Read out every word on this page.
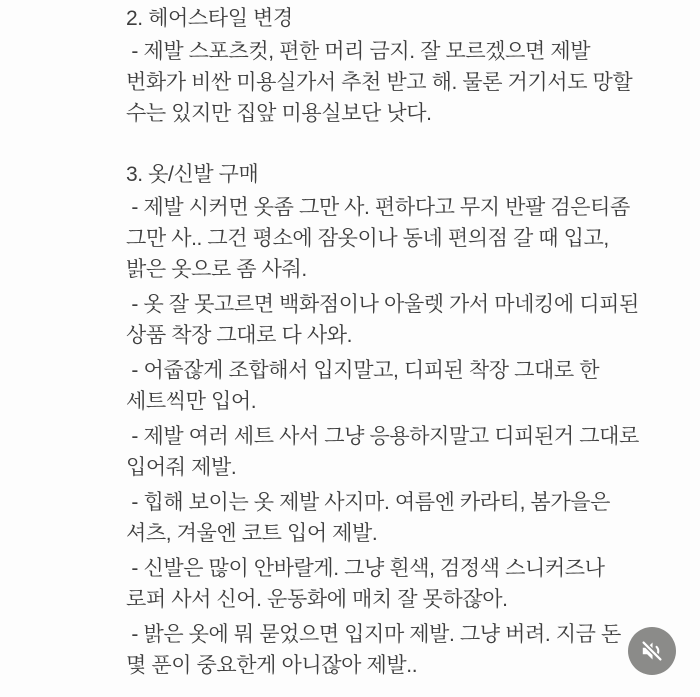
2. 헤어스타일 변경
- 제발 스포츠컷, 편한 머리 금지. 잘 모르겠으면 제발
번화가 비싼 미용실가서 추천 받고 해. 물론 거기서도 망할
수는 있지만 집앞 미용실보단 낫다.
3. 옷/신발 구매
- 제발 시커먼 옷좀 그만 사. 편하다고 무지 반팔 검은티좀
그만 사.. 그건 평소에 잠옷이나 동네 편의점 갈 때 입고,
밝은 옷으로 좀 사줘.
- 옷 잘 못고르면 백화점이나 아울렛 가서 마네킹에 디피된
상품 착장 그대로 다 사와.
- 어줍잖게 조합해서 입지말고, 디피된 착장 그대로 한
세트씩만 입어.
- 제발 여러 세트 사서 그냥 응용하지말고 디피된거 그대로
입어줘 제발.
- 힙해 보이는 옷 제발 사지마. 여름엔 카라티, 봄가을은
셔츠, 겨울엔 코트 입어 제발.
- 신발은 많이 안바랄게. 그냥 흰색, 검정색 스니커즈나
로퍼 사서 신어. 운동화에 매치 잘 못하잖아.
- 밝은 옷에 뭐 묻었으면 입지마 제발. 그냥 버려. 지금 돈
몇 푼이 중요한게 아니잖아 제발..
